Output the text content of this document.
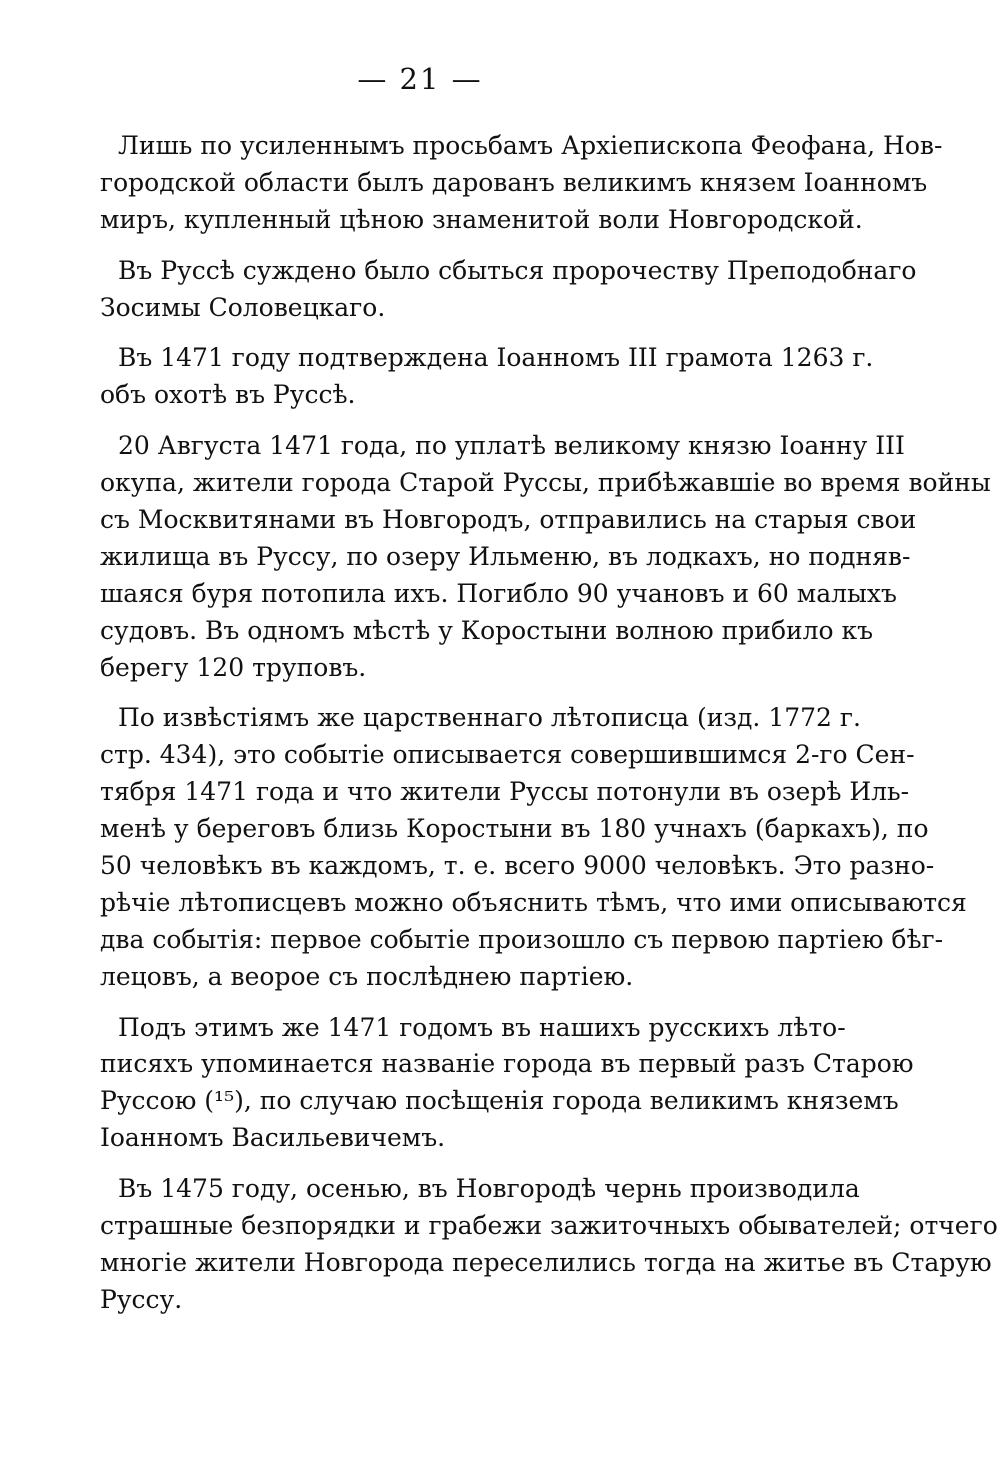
— 21 —
Лишь по усиленнымъ просьбамъ Архіепископа Феофана, Нов-
городской области былъ дарованъ великимъ князем Іоанномъ
миръ, купленный цѣною знаменитой воли Новгородской.
Въ Руссѣ суждено было сбыться пророчеству Преподобнаго
Зосимы Соловецкаго.
Въ 1471 году подтверждена Іоанномъ III грамота 1263 г.
объ охотѣ въ Руссѣ.
20 Августа 1471 года, по уплатѣ великому князю Іоанну III
окупа, жители города Старой Руссы, прибѣжавшіе во время войны
съ Москвитянами въ Новгородъ, отправились на старыя свои
жилища въ Руссу, по озеру Ильменю, въ лодкахъ, но подняв-
шаяся буря потопила ихъ. Погибло 90 учановъ и 60 малыхъ
судовъ. Въ одномъ мѣстѣ у Коростыни волною прибило къ
берегу 120 труповъ.
По извѣстіямъ же царственнаго лѣтописца (изд. 1772 г.
стр. 434), это событіе описывается совершившимся 2-го Сен-
тября 1471 года и что жители Руссы потонули въ озерѣ Иль-
менѣ у береговъ близь Коростыни въ 180 учнахъ (баркахъ), по
50 человѣкъ въ каждомъ, т. е. всего 9000 человѣкъ. Это разно-
рѣчіе лѣтописцевъ можно объяснить тѣмъ, что ими описываются
два событія: первое событіе произошло съ первою партіею бѣг-
лецовъ, а веорое съ послѣднею партіею.
Подъ этимъ же 1471 годомъ въ нашихъ русскихъ лѣто-
писяхъ упоминается названіе города въ первый разъ Старою
Руссою (¹⁵), по случаю посѣщенія города великимъ княземъ
Іоанномъ Васильевичемъ.
Въ 1475 году, осенью, въ Новгородѣ чернь производила
страшные безпорядки и грабежи зажиточныхъ обывателей; отчего
многіе жители Новгорода переселились тогда на житье въ Старую
Руссу.
